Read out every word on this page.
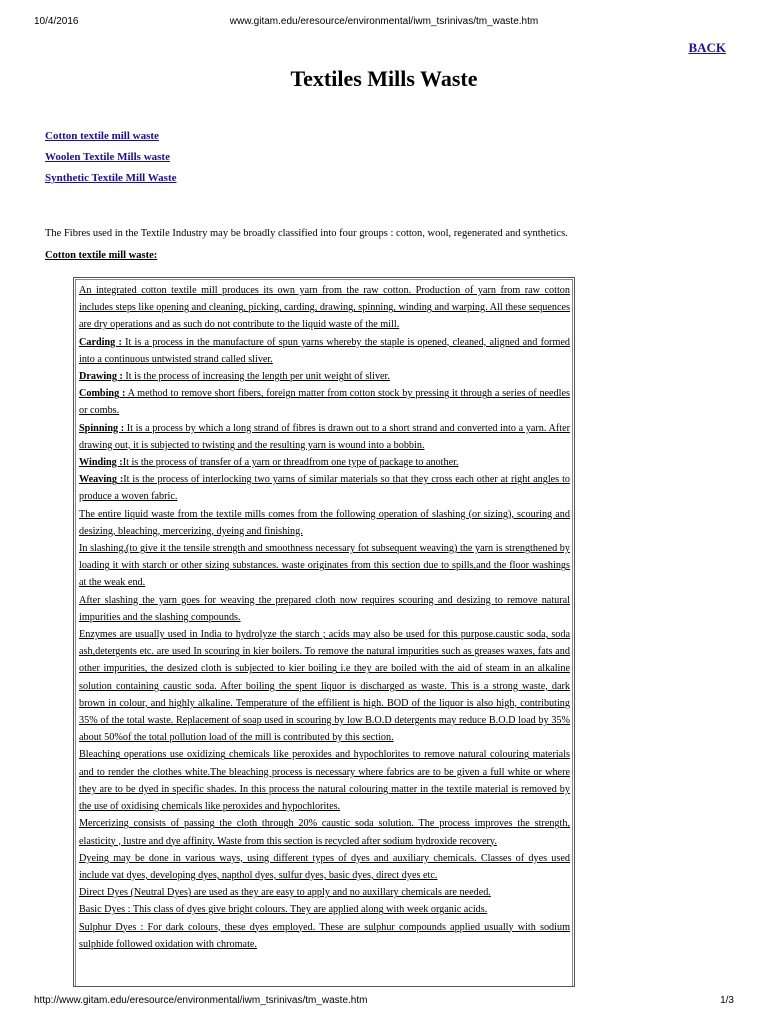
10/4/2016	www.gitam.edu/eresource/environmental/iwm_tsrinivas/tm_waste.htm
BACK
Textiles Mills Waste
Cotton textile mill waste
Woolen Textile Mills waste
Synthetic Textile Mill Waste

The Fibres used in the Textile Industry may be broadly classified into four groups : cotton, wool, regenerated and synthetics.

Cotton textile mill waste:

An integrated cotton textile mill produces its own yarn from the raw cotton. Production of yarn from raw cotton includes steps like opening and cleaning, picking, carding, drawing, spinning, winding and warping. All these sequences are dry operations and as such do not contribute to the liquid waste of the mill.

Carding : It is a process in the manufacture of spun yarns whereby the staple is opened, cleaned, aligned and formed into a continuous untwisted strand called sliver.

Drawing : It is the process of increasing the length per unit weight of sliver.

Combing : A method to remove short fibers, foreign matter from cotton stock by pressing it through a series of needles or combs.

Spinning : It is a process by which a long strand of fibres is drawn out to a short strand and converted into a yarn. After drawing out, it is subjected to twisting and the resulting yarn is wound into a bobbin.

Winding :It is the process of transfer of a yarn or threadfrom one type of package to another.

Weaving :It is the process of interlocking two yarns of similar materials so that they cross each other at right angles to produce a woven fabric.

The entire liquid waste from the textile mills comes from the following operation of slashing (or sizing), scouring and desizing, bleaching, mercerizing, dyeing and finishing.

In slashing,(to give it the tensile strength and smoothness necessary fot subsequent weaving) the yarn is strengthened by loading it with starch or other sizing substances. waste originates from this section due to spills,and the floor washings at the weak end.

After slashing the yarn goes for weaving the prepared cloth now requires scouring and desizing to remove natural impurities and the slashing compounds.

Enzymes are usually used in India to hydrolyze the starch ; acids may also be used for this purpose.caustic soda, soda ash,detergents etc. are used In scouring in kier boilers. To remove the natural impurities such as greases waxes, fats and other impurities, the desized cloth is subjected to kier boiling i.e they are boiled with the aid of steam in an alkaline solution containing caustic soda. After boiling the spent liquor is discharged as waste. This is a strong waste, dark brown in colour, and highly alkaline. Temperature of the effilient is high. BOD of the liquor is also high, contributing 35% of the total waste. Replacement of soap used in scouring by low B.O.D detergents may reduce B.O.D load by 35% about 50%of the total pollution load of the mill is contributed by this section.

Bleaching operations use oxidizing chemicals like peroxides and hypochlorites to remove natural colouring materials and to render the clothes white.The bleaching process is necessary where fabrics are to be given a full white or where they are to be dyed in specific shades. In this process the natural colouring matter in the textile material is removed by the use of oxidising chemicals like peroxides and hypochlorites.

Mercerizing consists of passing the cloth through 20% caustic soda solution. The process improves the strength, elasticity , lustre and dye affinity. Waste from this section is recycled after sodium hydroxide recovery.

Dyeing may be done in various ways, using different types of dyes and auxiliary chemicals. Classes of dyes used include vat dyes, developing dyes, napthol dyes, sulfur dyes, basic dyes, direct dyes etc.

Direct Dyes (Neutral Dyes) are used as they are easy to apply and no auxillary chemicals are needed.

Basic Dyes : This class of dyes give bright colours. They are applied along with week organic acids.

Sulphur Dyes : For dark colours, these dyes employed. These are sulphur compounds applied usually with sodium sulphide followed oxidation with chromate.

http://www.gitam.edu/eresource/environmental/iwm_tsrinivas/tm_waste.htm	1/3
